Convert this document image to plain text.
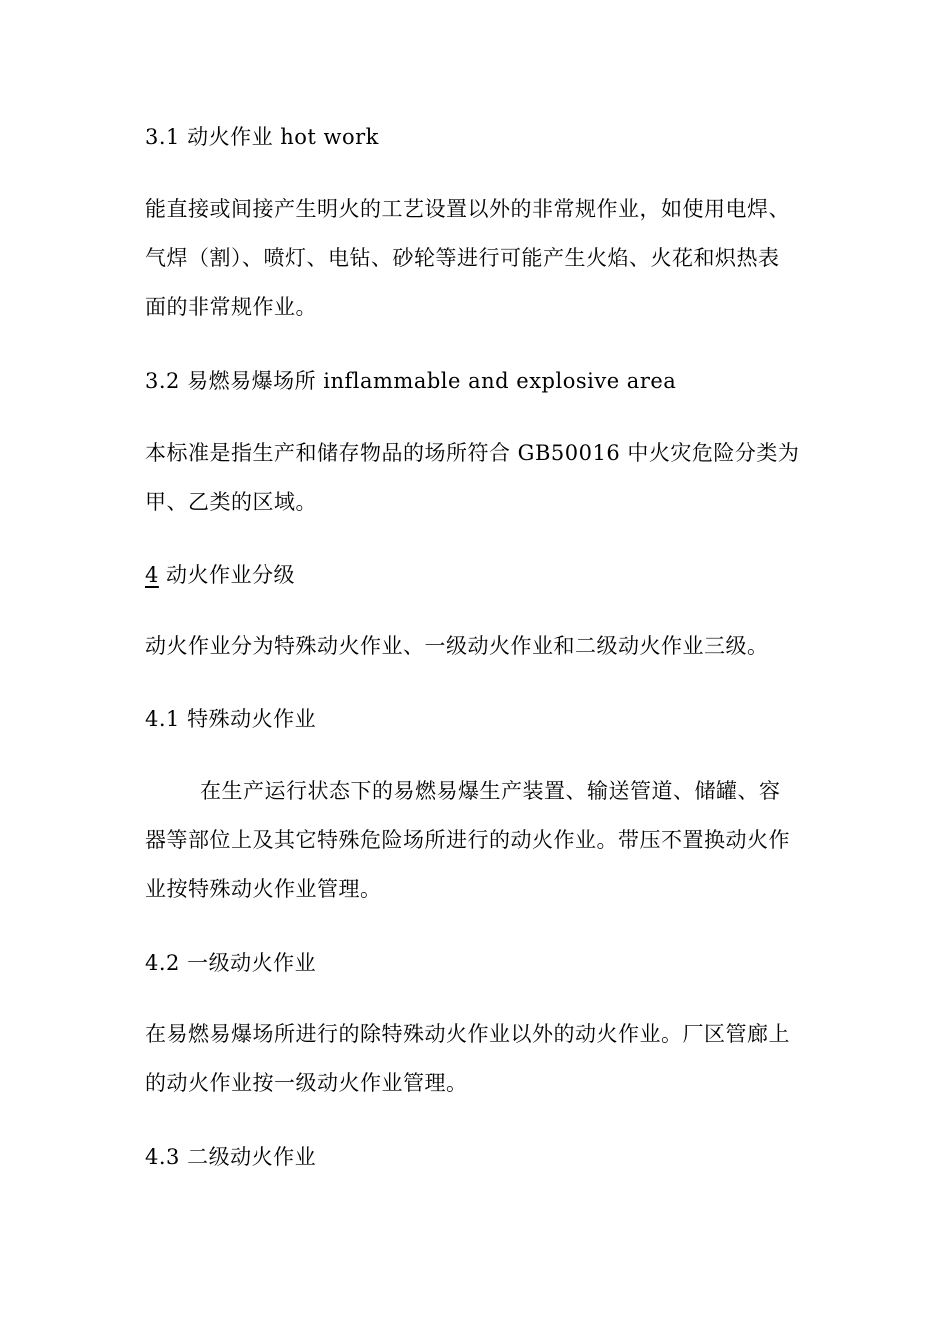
3.1 动火作业 hot work
能直接或间接产生明火的工艺设置以外的非常规作业，如使用电焊、
气焊（割）、喷灯、电钻、砂轮等进行可能产生火焰、火花和炽热表
面的非常规作业。
3.2 易燃易爆场所 inflammable and explosive area
本标准是指生产和储存物品的场所符合 GB50016 中火灾危险分类为
甲、乙类的区域。
4 动火作业分级
动火作业分为特殊动火作业、一级动火作业和二级动火作业三级。
4.1 特殊动火作业
在生产运行状态下的易燃易爆生产装置、输送管道、储罐、容
器等部位上及其它特殊危险场所进行的动火作业。带压不置换动火作
业按特殊动火作业管理。
4.2 一级动火作业
在易燃易爆场所进行的除特殊动火作业以外的动火作业。厂区管廊上
的动火作业按一级动火作业管理。
4.3 二级动火作业
